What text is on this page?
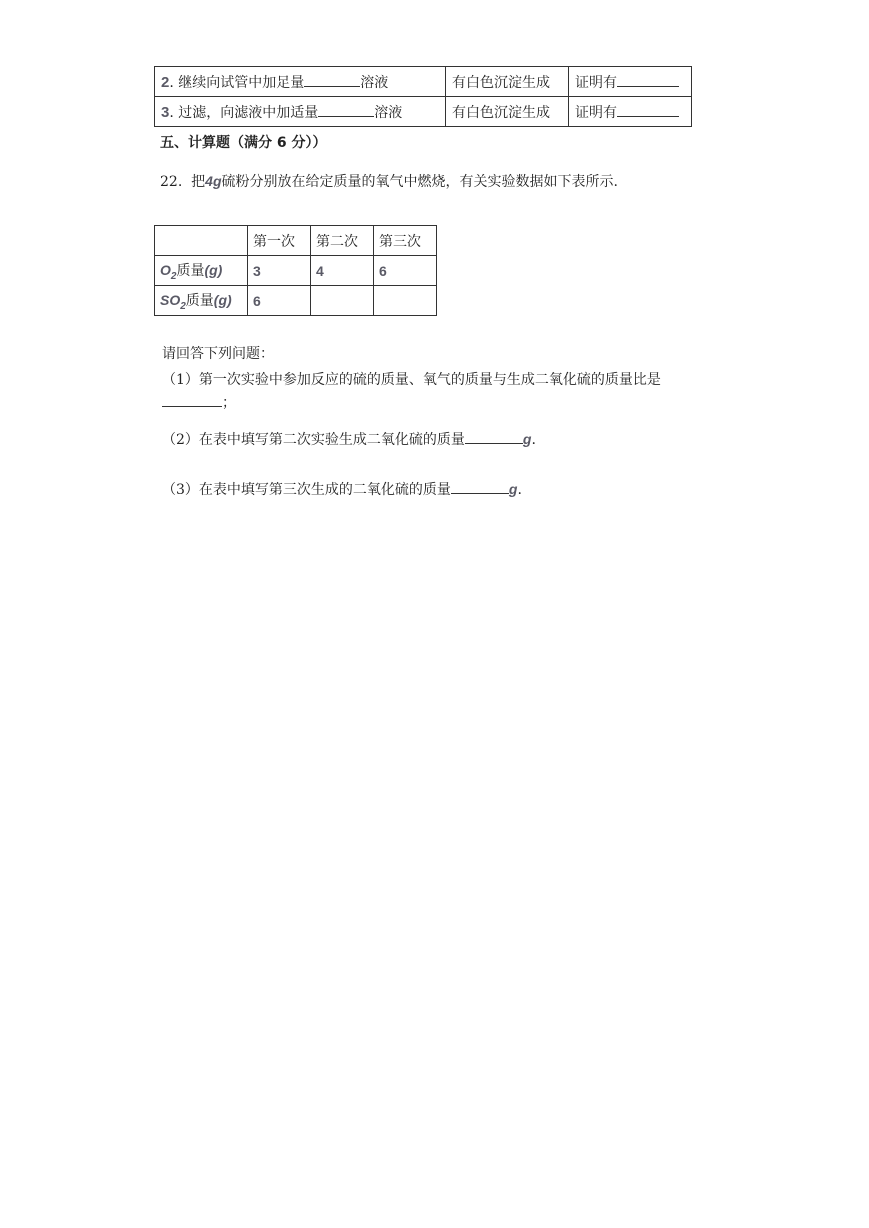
2. 继续向试管中加足量 溶液	有白色沉淀生成	证明有
3. 过滤，向滤液中加适量 溶液	有白色沉淀生成	证明有
五、计算题（满分 6 分））
22. 把4g硫粉分别放在给定质量的氧气中燃烧，有关实验数据如下表所示.
	第一次	第二次	第三次
$O_2$质量(g)	3	4	6
$SO_2$质量(g)	6		
请回答下列问题：
（1）第一次实验中参加反应的硫的质量、氧气的质量与生成二氧化硫的质量比是
；
（2）在表中填写第二次实验生成二氧化硫的质量	g.
（3）在表中填写第三次生成的二氧化硫的质量	g.
